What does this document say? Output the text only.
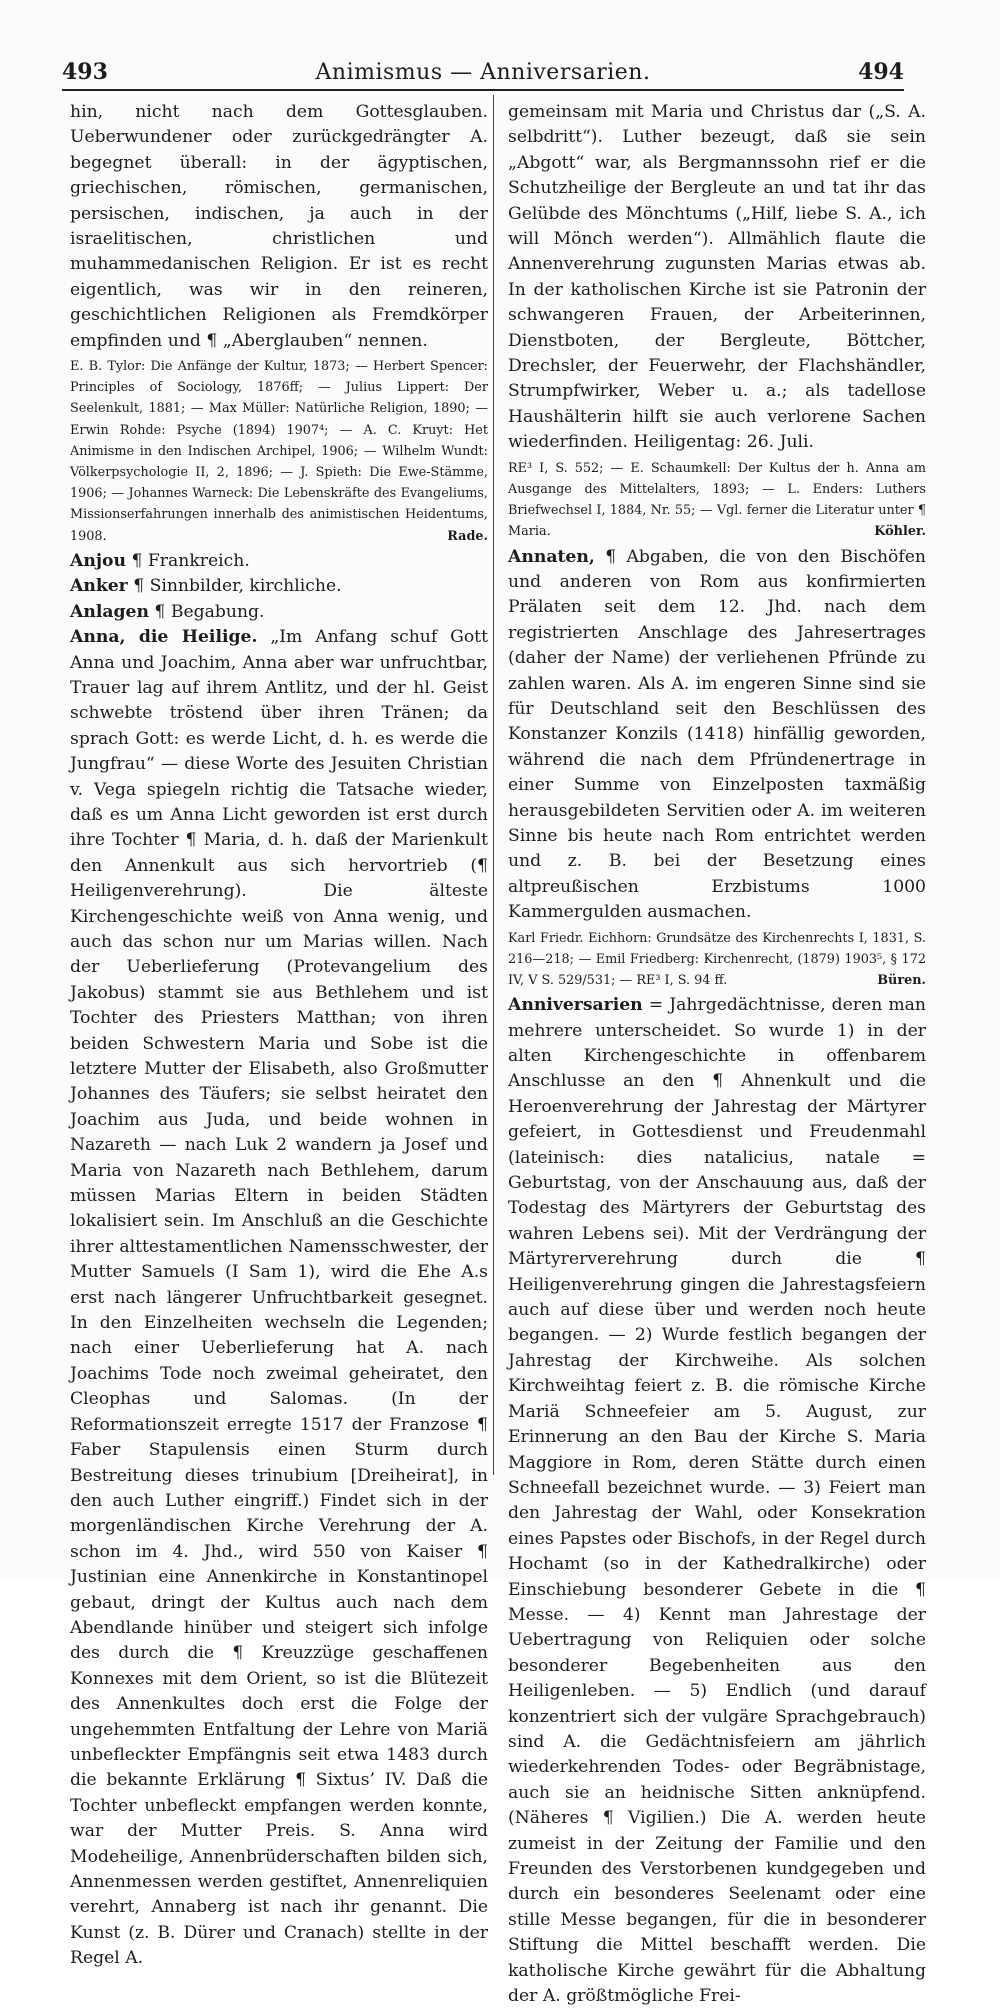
493	Animismus — Anniversarien.	494

hin, nicht nach dem Gottesglauben. Ueberwundener oder zurückgedrängter A. begegnet überall: in der ägyptischen, griechischen, römischen, germanischen, persischen, indischen, ja auch in der israelitischen, christlichen und muhammedanischen Religion. Er ist es recht eigentlich, was wir in den reineren, geschichtlichen Religionen als Fremdkörper empfinden und ¶ „Aberglauben“ nennen.

E. B. Tylor: Die Anfänge der Kultur, 1873; — Herbert Spencer: Principles of Sociology, 1876ff; — Julius Lippert: Der Seelenkult, 1881; — Max Müller: Natürliche Religion, 1890; — Erwin Rohde: Psyche (1894) 1907⁴; — A. C. Kruyt: Het Animisme in den Indischen Archipel, 1906; — Wilhelm Wundt: Völkerpsychologie II, 2, 1896; — J. Spieth: Die Ewe-Stämme, 1906; — Johannes Warneck: Die Lebenskräfte des Evangeliums, Missionserfahrungen innerhalb des animistischen Heidentums, 1908.	Rade.

Anjou ¶ Frankreich.

Anker ¶ Sinnbilder, kirchliche.

Anlagen ¶ Begabung.

Anna, die Heilige. „Im Anfang schuf Gott Anna und Joachim, Anna aber war unfruchtbar, Trauer lag auf ihrem Antlitz, und der hl. Geist schwebte tröstend über ihren Tränen; da sprach Gott: es werde Licht, d. h. es werde die Jungfrau“ — diese Worte des Jesuiten Christian v. Vega spiegeln richtig die Tatsache wieder, daß es um Anna Licht geworden ist erst durch ihre Tochter ¶ Maria, d. h. daß der Marienkult den Annenkult aus sich hervortrieb (¶ Heiligenverehrung). Die älteste Kirchengeschichte weiß von Anna wenig, und auch das schon nur um Marias willen. Nach der Ueberlieferung (Protevangelium des Jakobus) stammt sie aus Bethlehem und ist Tochter des Priesters Matthan; von ihren beiden Schwestern Maria und Sobe ist die letztere Mutter der Elisabeth, also Großmutter Johannes des Täufers; sie selbst heiratet den Joachim aus Juda, und beide wohnen in Nazareth — nach Luk 2 wandern ja Josef und Maria von Nazareth nach Bethlehem, darum müssen Marias Eltern in beiden Städten lokalisiert sein. Im Anschluß an die Geschichte ihrer alttestamentlichen Namensschwester, der Mutter Samuels (I Sam 1), wird die Ehe A.s erst nach längerer Unfruchtbarkeit gesegnet. In den Einzelheiten wechseln die Legenden; nach einer Ueberlieferung hat A. nach Joachims Tode noch zweimal geheiratet, den Cleophas und Salomas. (In der Reformationszeit erregte 1517 der Franzose ¶ Faber Stapulensis einen Sturm durch Bestreitung dieses trinubium [Dreiheirat], in den auch Luther eingriff.) Findet sich in der morgenländischen Kirche Verehrung der A. schon im 4. Jhd., wird 550 von Kaiser ¶ Justinian eine Annenkirche in Konstantinopel gebaut, dringt der Kultus auch nach dem Abendlande hinüber und steigert sich infolge des durch die ¶ Kreuzzüge geschaffenen Konnexes mit dem Orient, so ist die Blütezeit des Annenkultes doch erst die Folge der ungehemmten Entfaltung der Lehre von Mariä unbefleckter Empfängnis seit etwa 1483 durch die bekannte Erklärung ¶ Sixtus’ IV. Daß die Tochter unbefleckt empfangen werden konnte, war der Mutter Preis. S. Anna wird Modeheilige, Annenbrüderschaften bilden sich, Annenmessen werden gestiftet, Annenreliquien verehrt, Annaberg ist nach ihr genannt. Die Kunst (z. B. Dürer und Cranach) stellte in der Regel A.

gemeinsam mit Maria und Christus dar („S. A. selbdritt“). Luther bezeugt, daß sie sein „Abgott“ war, als Bergmannssohn rief er die Schutzheilige der Bergleute an und tat ihr das Gelübde des Mönchtums („Hilf, liebe S. A., ich will Mönch werden“). Allmählich flaute die Annenverehrung zugunsten Marias etwas ab. In der katholischen Kirche ist sie Patronin der schwangeren Frauen, der Arbeiterinnen, Dienstboten, der Bergleute, Böttcher, Drechsler, der Feuerwehr, der Flachshändler, Strumpfwirker, Weber u. a.; als tadellose Haushälterin hilft sie auch verlorene Sachen wiederfinden. Heiligentag: 26. Juli.

RE³ I, S. 552; — E. Schaumkell: Der Kultus der h. Anna am Ausgange des Mittelalters, 1893; — L. Enders: Luthers Briefwechsel I, 1884, Nr. 55; — Vgl. ferner die Literatur unter ¶ Maria.	Köhler.

Annaten, ¶ Abgaben, die von den Bischöfen und anderen von Rom aus konfirmierten Prälaten seit dem 12. Jhd. nach dem registrierten Anschlage des Jahresertrages (daher der Name) der verliehenen Pfründe zu zahlen waren. Als A. im engeren Sinne sind sie für Deutschland seit den Beschlüssen des Konstanzer Konzils (1418) hinfällig geworden, während die nach dem Pfründenertrage in einer Summe von Einzelposten taxmäßig herausgebildeten Servitien oder A. im weiteren Sinne bis heute nach Rom entrichtet werden und z. B. bei der Besetzung eines altpreußischen Erzbistums 1000 Kammergulden ausmachen.

Karl Friedr. Eichhorn: Grundsätze des Kirchenrechts I, 1831, S. 216—218; — Emil Friedberg: Kirchenrecht, (1879) 1903⁵, § 172 IV, V S. 529/531; — RE³ I, S. 94 ff.	Büren.

Anniversarien = Jahrgedächtnisse, deren man mehrere unterscheidet. So wurde 1) in der alten Kirchengeschichte in offenbarem Anschlusse an den ¶ Ahnenkult und die Heroenverehrung der Jahrestag der Märtyrer gefeiert, in Gottesdienst und Freudenmahl (lateinisch: dies natalicius, natale = Geburtstag, von der Anschauung aus, daß der Todestag des Märtyrers der Geburtstag des wahren Lebens sei). Mit der Verdrängung der Märtyrerverehrung durch die ¶ Heiligenverehrung gingen die Jahrestagsfeiern auch auf diese über und werden noch heute begangen. — 2) Wurde festlich begangen der Jahrestag der Kirchweihe. Als solchen Kirchweihtag feiert z. B. die römische Kirche Mariä Schneefeier am 5. August, zur Erinnerung an den Bau der Kirche S. Maria Maggiore in Rom, deren Stätte durch einen Schneefall bezeichnet wurde. — 3) Feiert man den Jahrestag der Wahl, oder Konsekration eines Papstes oder Bischofs, in der Regel durch Hochamt (so in der Kathedralkirche) oder Einschiebung besonderer Gebete in die ¶ Messe. — 4) Kennt man Jahrestage der Uebertragung von Reliquien oder solche besonderer Begebenheiten aus den Heiligenleben. — 5) Endlich (und darauf konzentriert sich der vulgäre Sprachgebrauch) sind A. die Gedächtnisfeiern am jährlich wiederkehrenden Todes- oder Begräbnistage, auch sie an heidnische Sitten anknüpfend. (Näheres ¶ Vigilien.) Die A. werden heute zumeist in der Zeitung der Familie und den Freunden des Verstorbenen kundgegeben und durch ein besonderes Seelenamt oder eine stille Messe begangen, für die in besonderer Stiftung die Mittel beschafft werden. Die katholische Kirche gewährt für die Abhaltung der A. größtmögliche Frei-
